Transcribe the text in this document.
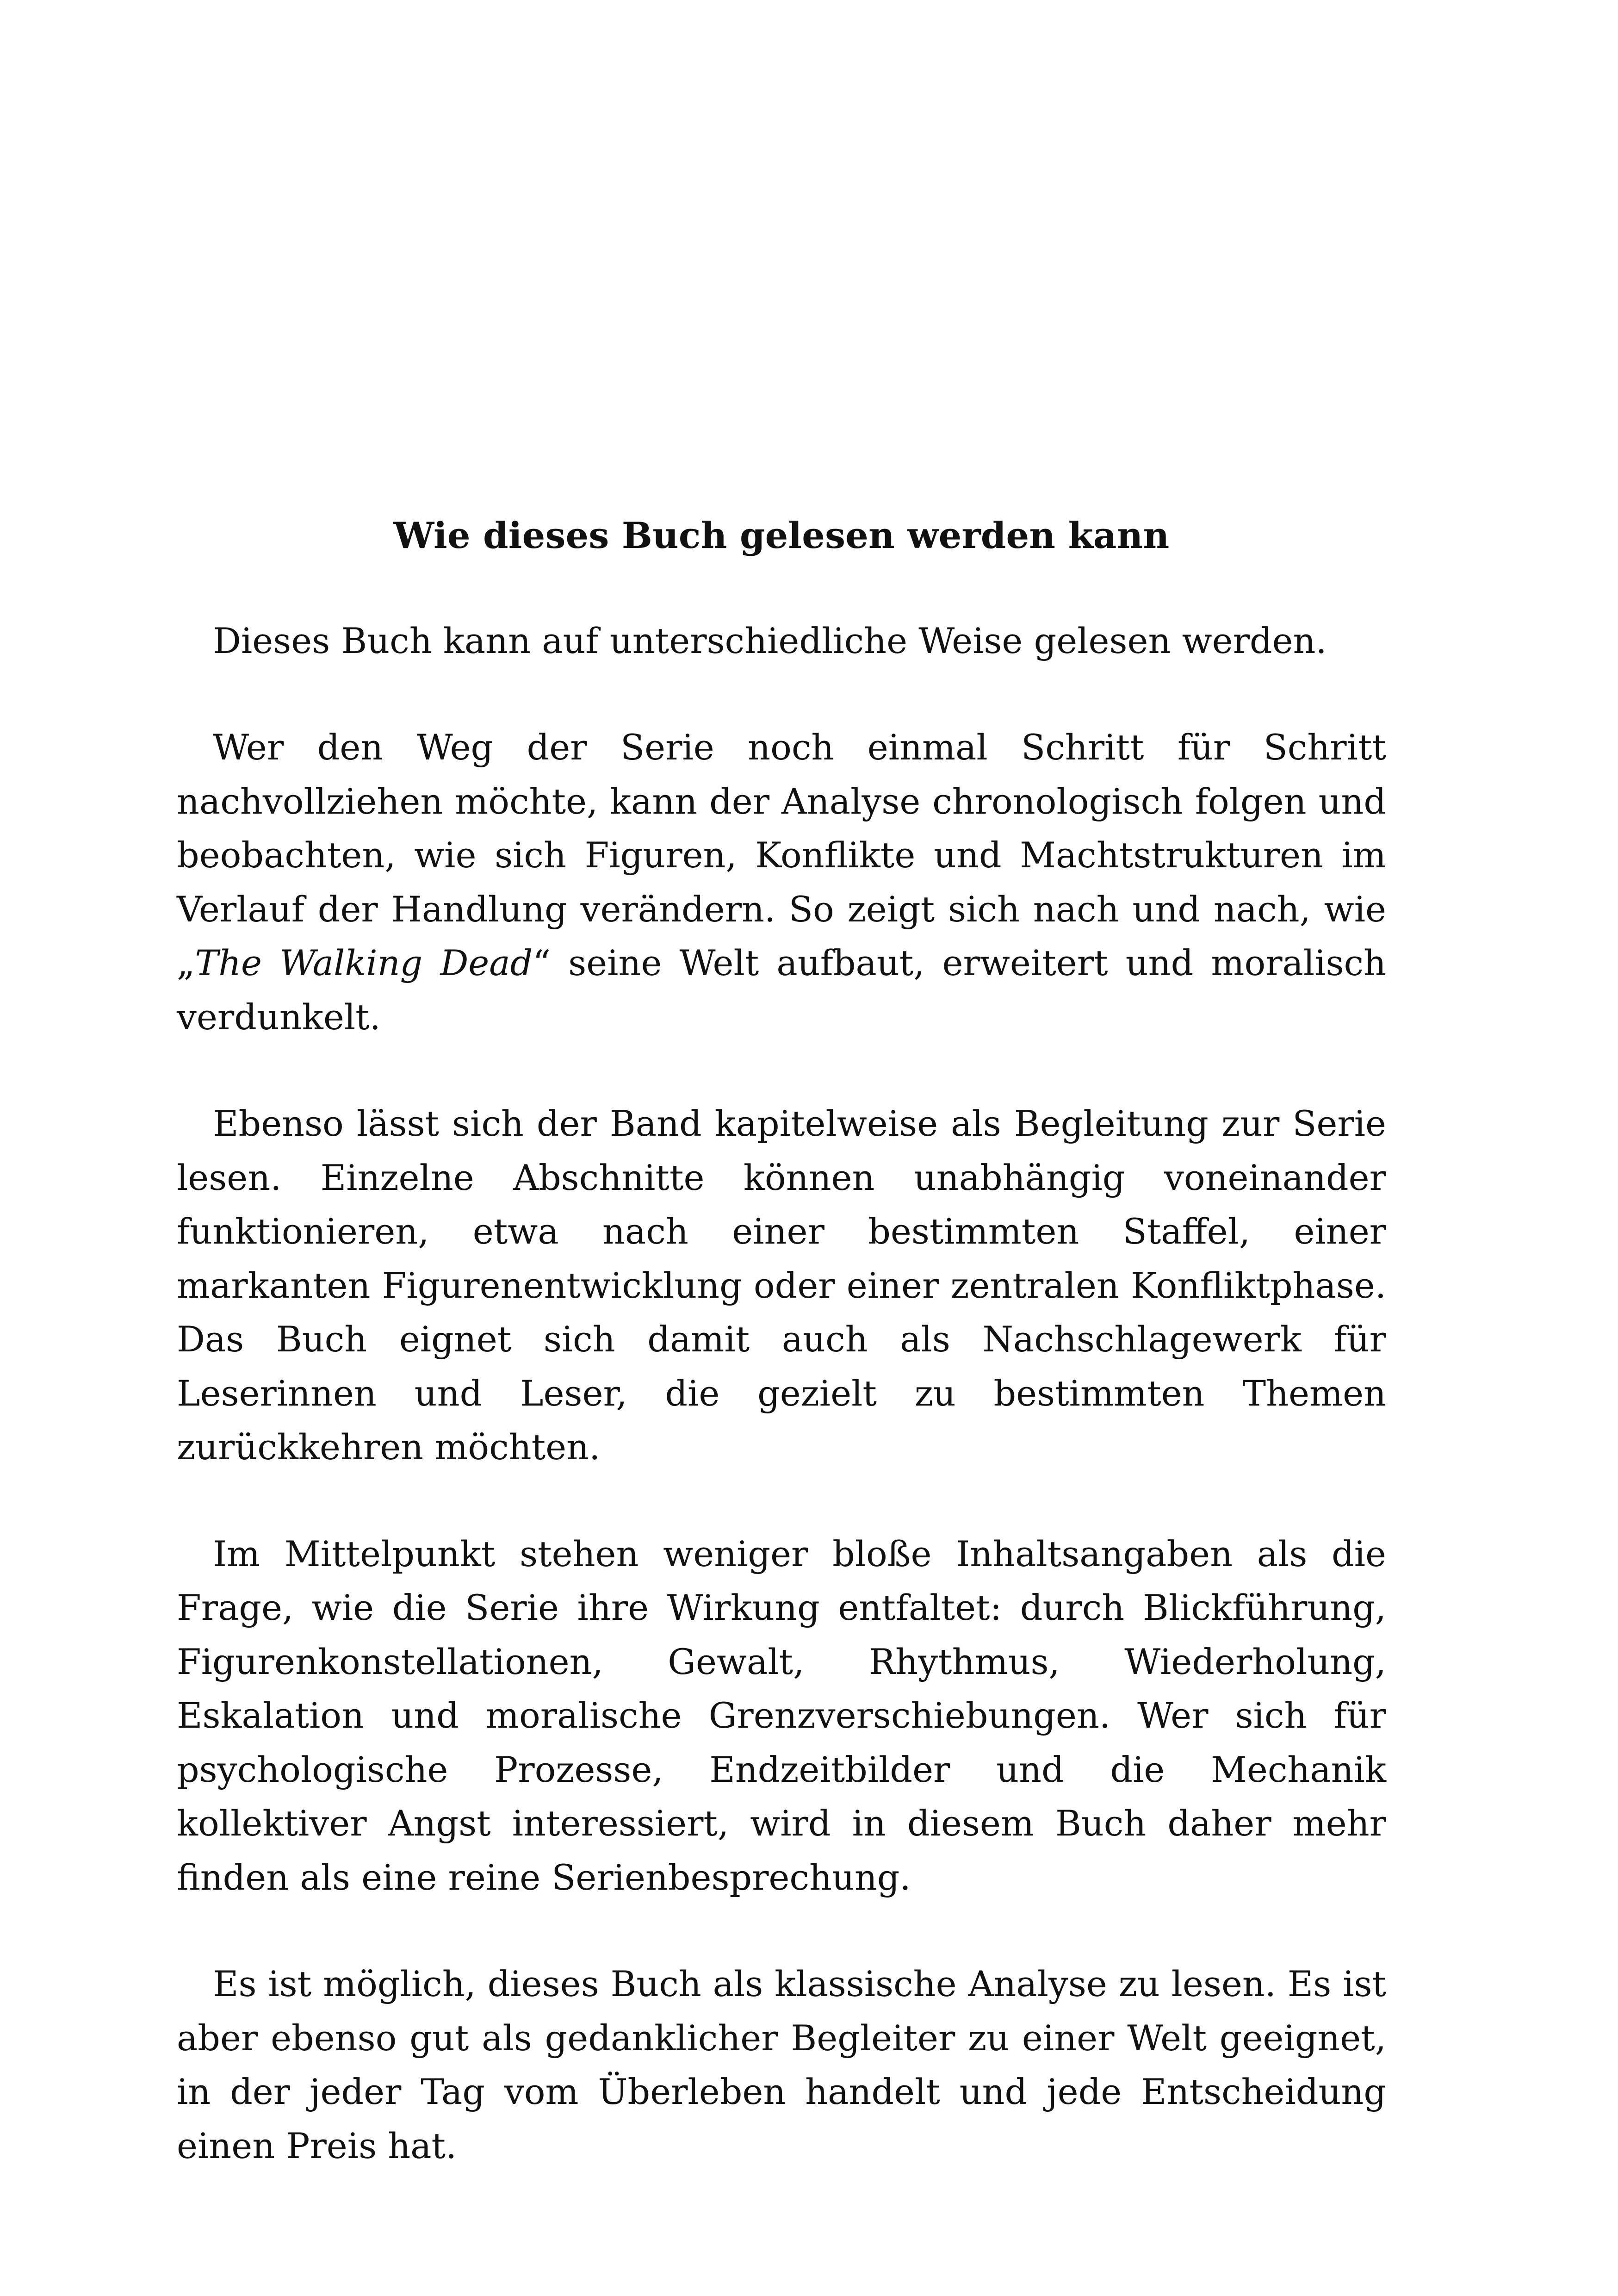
Wie dieses Buch gelesen werden kann

Dieses Buch kann auf unterschiedliche Weise gelesen werden.

Wer den Weg der Serie noch einmal Schritt für Schritt nachvollziehen möchte, kann der Analyse chronologisch folgen und beobachten, wie sich Figuren, Konflikte und Machtstrukturen im Verlauf der Handlung verändern. So zeigt sich nach und nach, wie „The Walking Dead“ seine Welt aufbaut, erweitert und moralisch verdunkelt.

Ebenso lässt sich der Band kapitelweise als Begleitung zur Serie lesen. Einzelne Abschnitte können unabhängig voneinander funktionieren, etwa nach einer bestimmten Staffel, einer markanten Figurenentwicklung oder einer zentralen Konfliktphase. Das Buch eignet sich damit auch als Nachschlagewerk für Leserinnen und Leser, die gezielt zu bestimmten Themen zurückkehren möchten.

Im Mittelpunkt stehen weniger bloße Inhaltsangaben als die Frage, wie die Serie ihre Wirkung entfaltet: durch Blickführung, Figurenkonstellationen, Gewalt, Rhythmus, Wiederholung, Eskalation und moralische Grenzverschiebungen. Wer sich für psychologische Prozesse, Endzeitbilder und die Mechanik kollektiver Angst interessiert, wird in diesem Buch daher mehr finden als eine reine Serienbesprechung.

Es ist möglich, dieses Buch als klassische Analyse zu lesen. Es ist aber ebenso gut als gedanklicher Begleiter zu einer Welt geeignet, in der jeder Tag vom Überleben handelt und jede Entscheidung einen Preis hat.
